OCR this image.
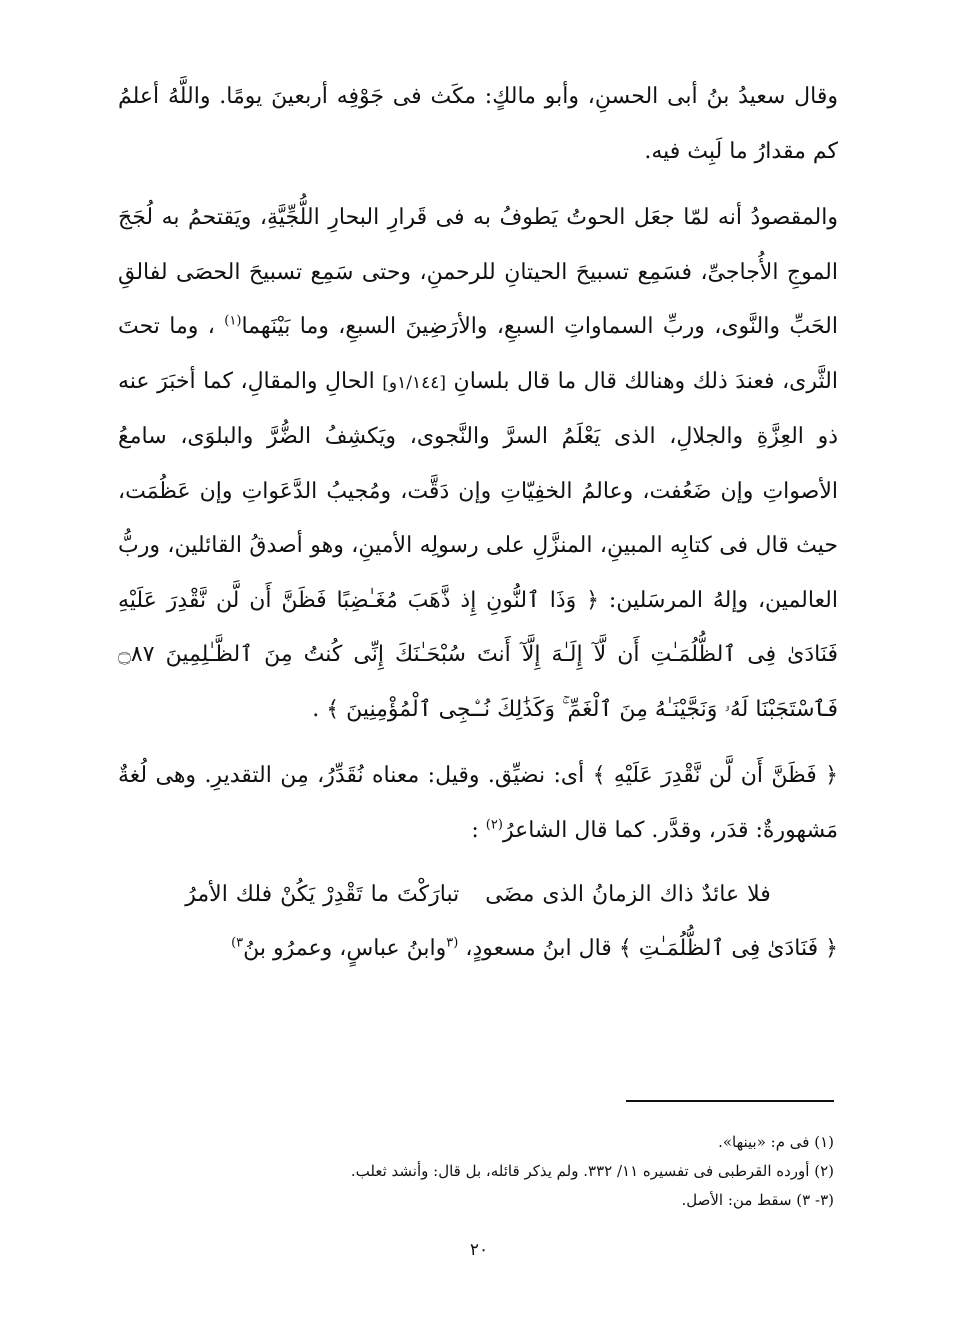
وقال سعيدُ بنُ أبى الحسنِ، وأبو مالكٍ: مكَث فى جَوْفِه أربعينَ يومًا. واللَّهُ أعلمُ كم مقدارُ ما لَبِث فيه.

والمقصودُ أنه لمّا جعَل الحوتُ يَطوفُ به فى قَرارِ البحارِ اللُّجِّيَّةِ، ويَقتحمُ به لُجَجَ الموجِ الأُجاجىِّ، فسَمِع تسبيحَ الحيتانِ للرحمنِ، وحتى سَمِع تسبيحَ الحصَى لفالقِ الحَبِّ والنَّوى، وربِّ السماواتِ السبعِ، والأرَضِينَ السبعِ، وما بَيْنَهما$^{(١)}$ ، وما تحتَ الثَّرى، فعندَ ذلك وهنالك قال ما قال بلسانِ [١/١٤٤و] الحالِ والمقالِ، كما أخبَرَ عنه ذو العِزَّةِ والجلالِ، الذى يَعْلَمُ السرَّ والنَّجوى، ويَكشِفُ الضُّرَّ والبلوَى، سامعُ الأصواتِ وإن ضَعُفت، وعالمُ الخفِيّاتِ وإن دَقَّت، ومُجيبُ الدَّعَواتِ وإن عَظُمَت، حيث قال فى كتابِه المبينِ، المنزَّلِ على رسولِه الأمينِ، وهو أصدقُ القائلين، وربُّ العالمين، وإلهُ المرسَلين: ﴿ وَذَا ٱلنُّونِ إِذ ذَّهَبَ مُغَـٰضِبًا فَظَنَّ أَن لَّن نَّقْدِرَ عَلَيْهِ فَنَادَىٰ فِى ٱلظُّلُمَـٰتِ أَن لَّآ إِلَـٰهَ إِلَّآ أَنتَ سُبْحَـٰنَكَ إِنِّى كُنتُ مِنَ ٱلظَّـٰلِمِينَ ۝٨٧ فَٱسْتَجَبْنَا لَهُۥ وَنَجَّيْنَـٰهُ مِنَ ٱلْغَمِّ ۚ وَكَذَٰلِكَ نُـۨجِى ٱلْمُؤْمِنِينَ ﴾ .

﴿ فَظَنَّ أَن لَّن نَّقْدِرَ عَلَيْهِ ﴾ أى: نضيِّق. وقيل: معناه نُقَدِّرُ، مِن التقديرِ. وهى لُغةٌ مَشهورةٌ: قدَر، وقدَّر. كما قال الشاعرُ$^{(٢)}$ :

فلا عائدٌ ذاك الزمانُ الذى مضَىتبارَكْتَ ما تَقْدِرْ يَكُنْ فلك الأمرُ

﴿ فَنَادَىٰ فِى ٱلظُّلُمَـٰتِ ﴾ قال ابنُ مسعودٍ، $^{(٣}$وابنُ عباسٍ، وعمرُو بنُ$^{٣)}$

(١) فى م: «بينها».

(٢) أورده القرطبى فى تفسيره ١١/ ٣٣٢. ولم يذكر قائله، بل قال: وأنشد ثعلب.

(٣- ٣) سقط من: الأصل.

٢٠
